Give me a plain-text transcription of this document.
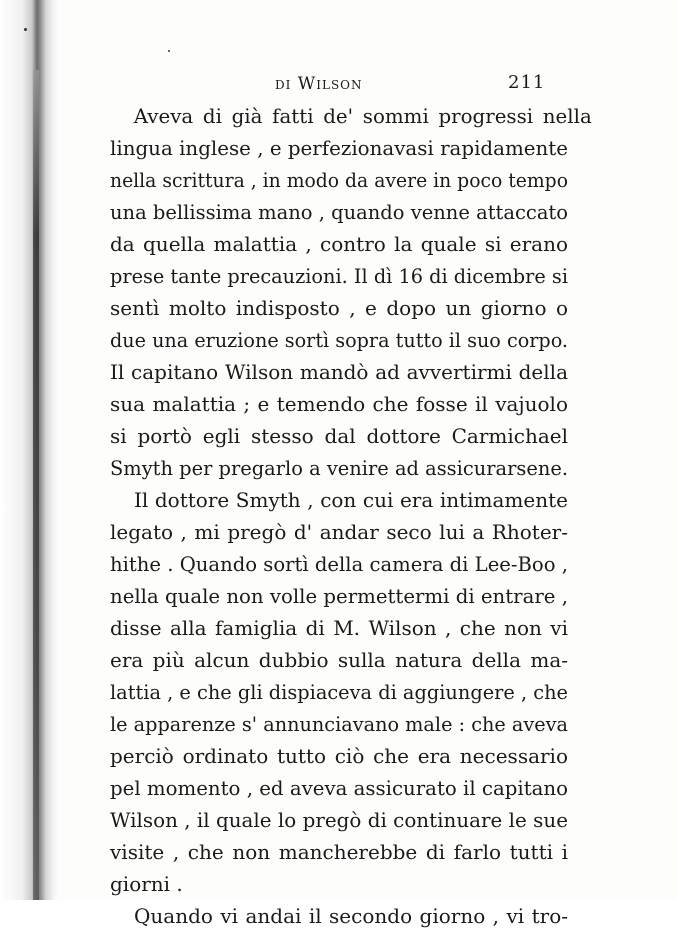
di Wilson	211
Aveva di già fatti de' sommi progressi nella
lingua inglese , e perfezionavasi rapidamente
nella scrittura , in modo da avere in poco tempo
una bellissima mano , quando venne attaccato
da quella malattia , contro la quale si erano
prese tante precauzioni. Il dì 16 di dicembre si
sentì molto indisposto , e dopo un giorno o
due una eruzione sortì sopra tutto il suo corpo.
Il capitano Wilson mandò ad avvertirmi della
sua malattia ; e temendo che fosse il vajuolo
si portò egli stesso dal dottore Carmichael
Smyth per pregarlo a venire ad assicurarsene.
Il dottore Smyth , con cui era intimamente
legato , mi pregò d' andar seco lui a Rhoter-
hithe . Quando sortì della camera di Lee-Boo ,
nella quale non volle permettermi di entrare ,
disse alla famiglia di M. Wilson , che non vi
era più alcun dubbio sulla natura della ma-
lattia , e che gli dispiaceva di aggiungere , che
le apparenze s' annunciavano male : che aveva
perciò ordinato tutto ciò che era necessario
pel momento , ed aveva assicurato il capitano
Wilson , il quale lo pregò di continuare le sue
visite , che non mancherebbe di farlo tutti i
giorni .
Quando vi andai il secondo giorno , vi tro-
